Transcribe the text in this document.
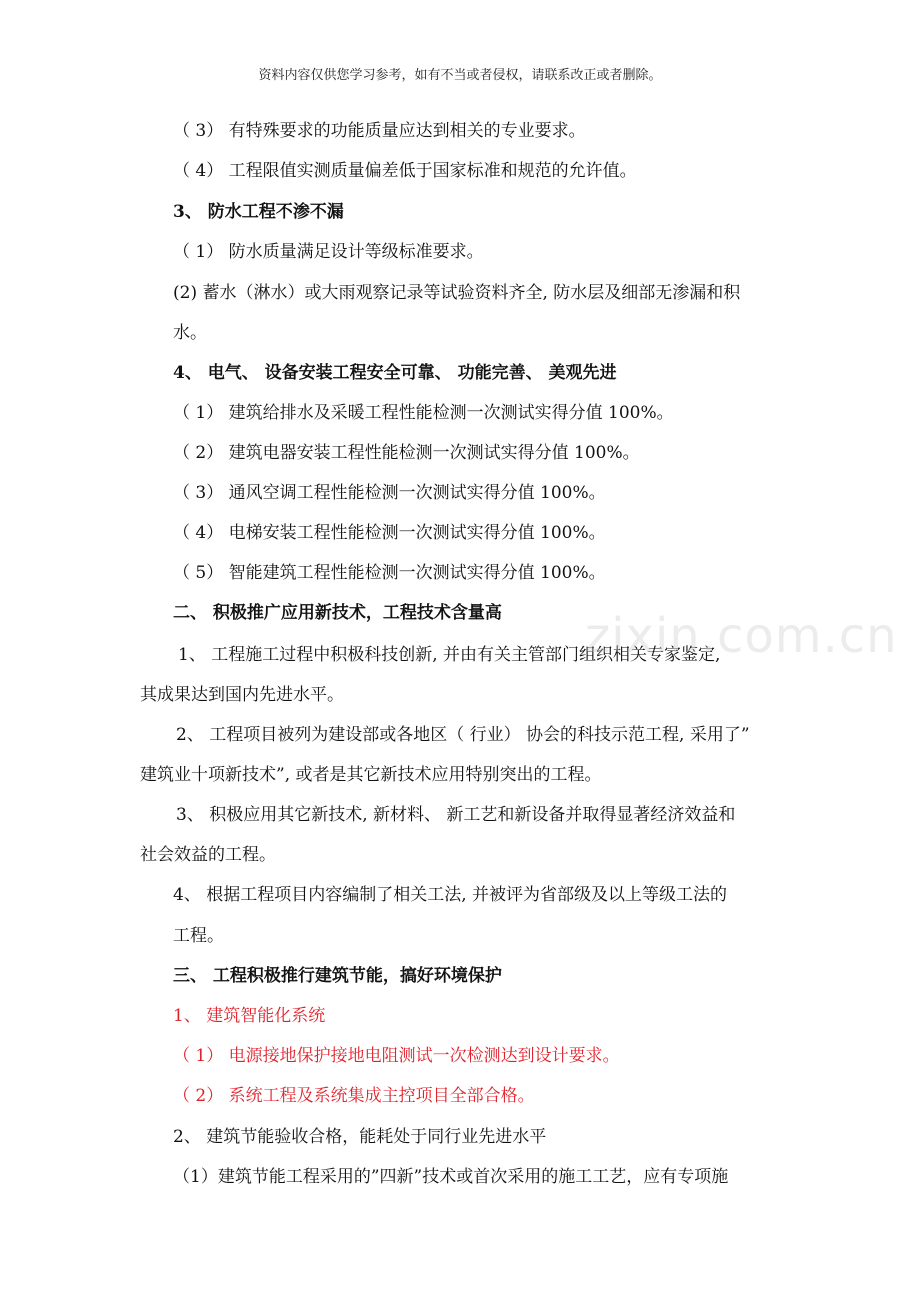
资料内容仅供您学习参考，如有不当或者侵权，请联系改正或者删除。
（ 3） 有特殊要求的功能质量应达到相关的专业要求。
（ 4） 工程限值实测质量偏差低于国家标准和规范的允许值。
3、 防水工程不渗不漏
（ 1） 防水质量满足设计等级标准要求。
(2) 蓄水（淋水）或大雨观察记录等试验资料齐全, 防水层及细部无渗漏和积
水。
4、 电气、 设备安装工程安全可靠、 功能完善、 美观先进
（ 1） 建筑给排水及采暖工程性能检测一次测试实得分值 100%。
（ 2） 建筑电器安装工程性能检测一次测试实得分值 100%。
（ 3） 通风空调工程性能检测一次测试实得分值 100%。
（ 4） 电梯安装工程性能检测一次测试实得分值 100%。
（ 5） 智能建筑工程性能检测一次测试实得分值 100%。
二、 积极推广应用新技术，工程技术含量高
1、 工程施工过程中积极科技创新, 并由有关主管部门组织相关专家鉴定,
其成果达到国内先进水平。
2、 工程项目被列为建设部或各地区（ 行业） 协会的科技示范工程, 采用了”
建筑业十项新技术”, 或者是其它新技术应用特别突出的工程。
3、 积极应用其它新技术, 新材料、 新工艺和新设备并取得显著经济效益和
社会效益的工程。
4、 根据工程项目内容编制了相关工法, 并被评为省部级及以上等级工法的
工程。
三、 工程积极推行建筑节能，搞好环境保护
1、 建筑智能化系统
（ 1） 电源接地保护接地电阻测试一次检测达到设计要求。
（ 2） 系统工程及系统集成主控项目全部合格。
2、 建筑节能验收合格，能耗处于同行业先进水平
（1）建筑节能工程采用的”四新”技术或首次采用的施工工艺，应有专项施
zixin.com.cn
